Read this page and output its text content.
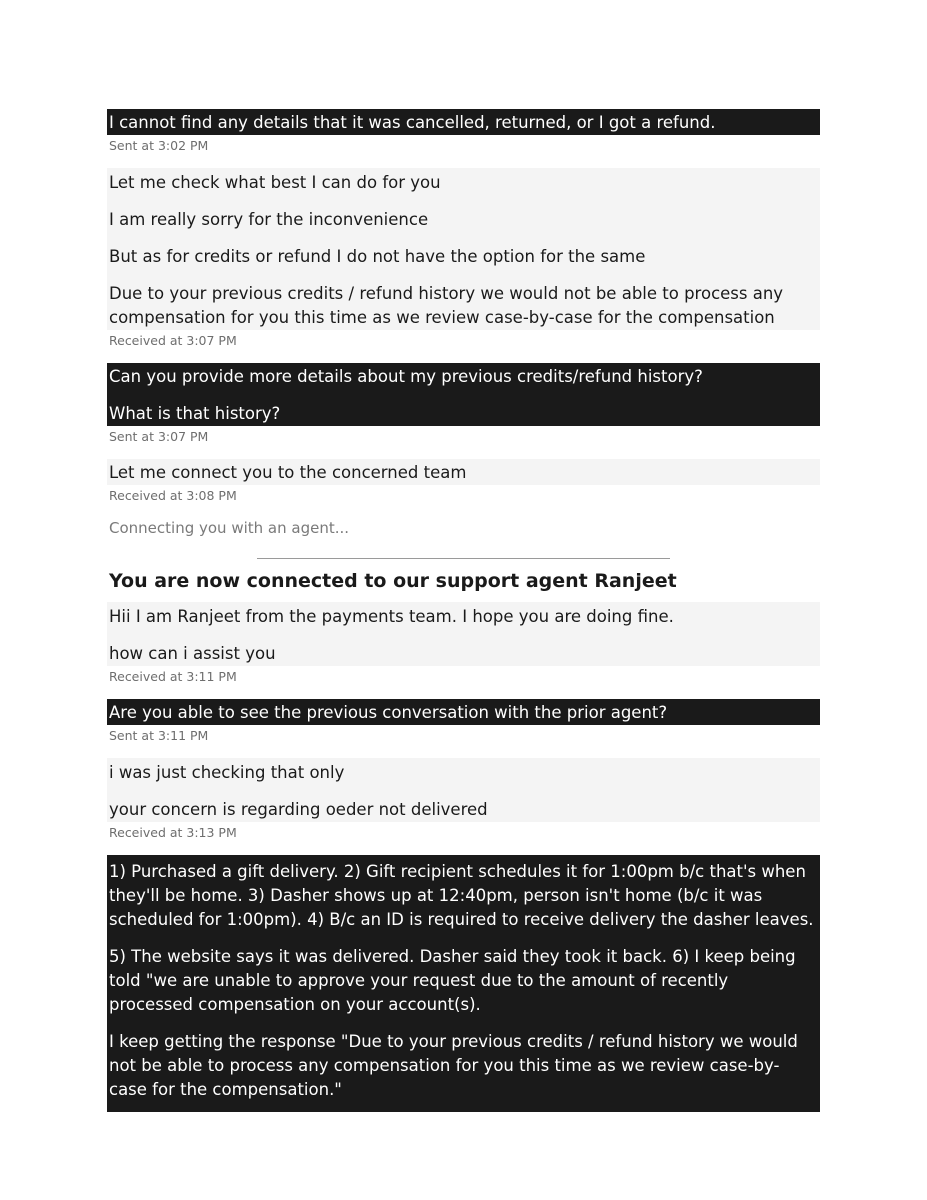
I cannot find any details that it was cancelled, returned, or I got a refund.

Sent at 3:02 PM

Let me check what best I can do for you

I am really sorry for the inconvenience

But as for credits or refund I do not have the option for the same

Due to your previous credits / refund history we would not be able to process any compensation for you this time as we review case-by-case for the compensation

Received at 3:07 PM

Can you provide more details about my previous credits/refund history?

What is that history?

Sent at 3:07 PM

Let me connect you to the concerned team

Received at 3:08 PM
Connecting you with an agent...
You are now connected to our support agent Ranjeet

Hii I am Ranjeet from the payments team. I hope you are doing fine.

how can i assist you

Received at 3:11 PM

Are you able to see the previous conversation with the prior agent?

Sent at 3:11 PM

i was just checking that only

your concern is regarding oeder not delivered

Received at 3:13 PM

1) Purchased a gift delivery. 2) Gift recipient schedules it for 1:00pm b/c that's when they'll be home. 3) Dasher shows up at 12:40pm, person isn't home (b/c it was scheduled for 1:00pm). 4) B/c an ID is required to receive delivery the dasher leaves.

5) The website says it was delivered. Dasher said they took it back. 6) I keep being told "we are unable to approve your request due to the amount of recently processed compensation on your account(s).

I keep getting the response "Due to your previous credits / refund history we would not be able to process any compensation for you this time as we review case-by-case for the compensation."
